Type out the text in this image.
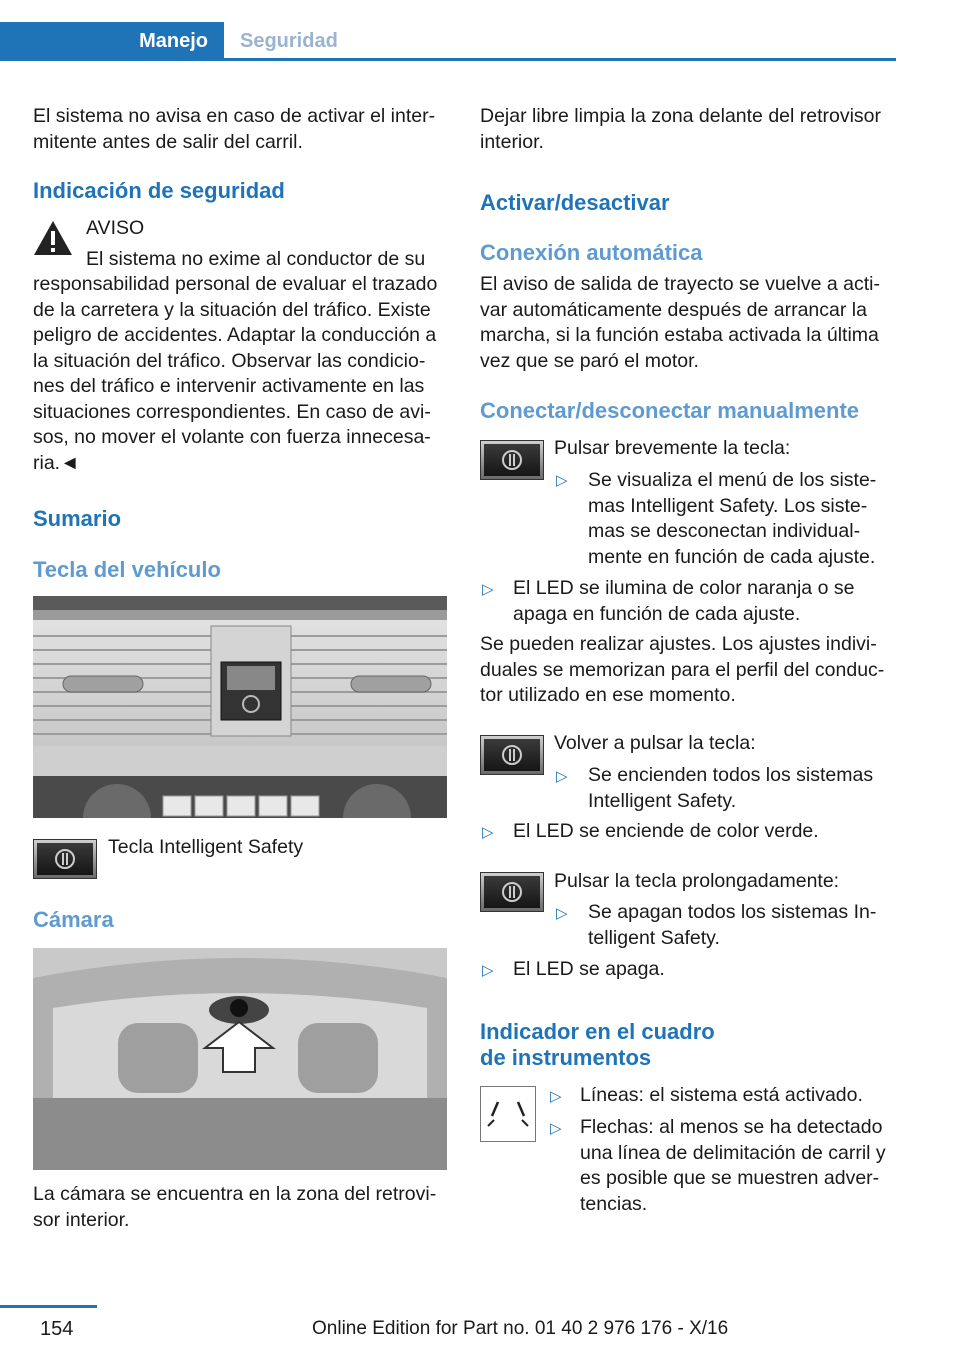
Manejo Seguridad
El sistema no avisa en caso de activar el inter-
mitente antes de salir del carril.
Indicación de seguridad
AVISO
El sistema no exime al conductor de su
responsabilidad personal de evaluar el trazado
de la carretera y la situación del tráfico. Existe
peligro de accidentes. Adaptar la conducción a
la situación del tráfico. Observar las condicio-
nes del tráfico e intervenir activamente en las
situaciones correspondientes. En caso de avi-
sos, no mover el volante con fuerza innecesa-
ria.◄
Sumario
Tecla del vehículo
Tecla Intelligent Safety
Cámara
La cámara se encuentra en la zona del retrovi-
sor interior.
Dejar libre limpia la zona delante del retrovisor
interior.
Activar/desactivar
Conexión automática
El aviso de salida de trayecto se vuelve a acti-
var automáticamente después de arrancar la
marcha, si la función estaba activada la última
vez que se paró el motor.
Conectar/desconectar manualmente
Pulsar brevemente la tecla:
▷ Se visualiza el menú de los siste-
mas Intelligent Safety. Los siste-
mas se desconectan individual-
mente en función de cada ajuste.
▷ El LED se ilumina de color naranja o se
apaga en función de cada ajuste.
Se pueden realizar ajustes. Los ajustes indivi-
duales se memorizan para el perfil del conduc-
tor utilizado en ese momento.
Volver a pulsar la tecla:
▷ Se encienden todos los sistemas
Intelligent Safety.
▷ El LED se enciende de color verde.
Pulsar la tecla prolongadamente:
▷ Se apagan todos los sistemas In-
telligent Safety.
▷ El LED se apaga.
Indicador en el cuadro
de instrumentos
▷ Líneas: el sistema está activado.
▷ Flechas: al menos se ha detectado
una línea de delimitación de carril y
es posible que se muestren adver-
tencias.
154	Online Edition for Part no. 01 40 2 976 176 - X/16
